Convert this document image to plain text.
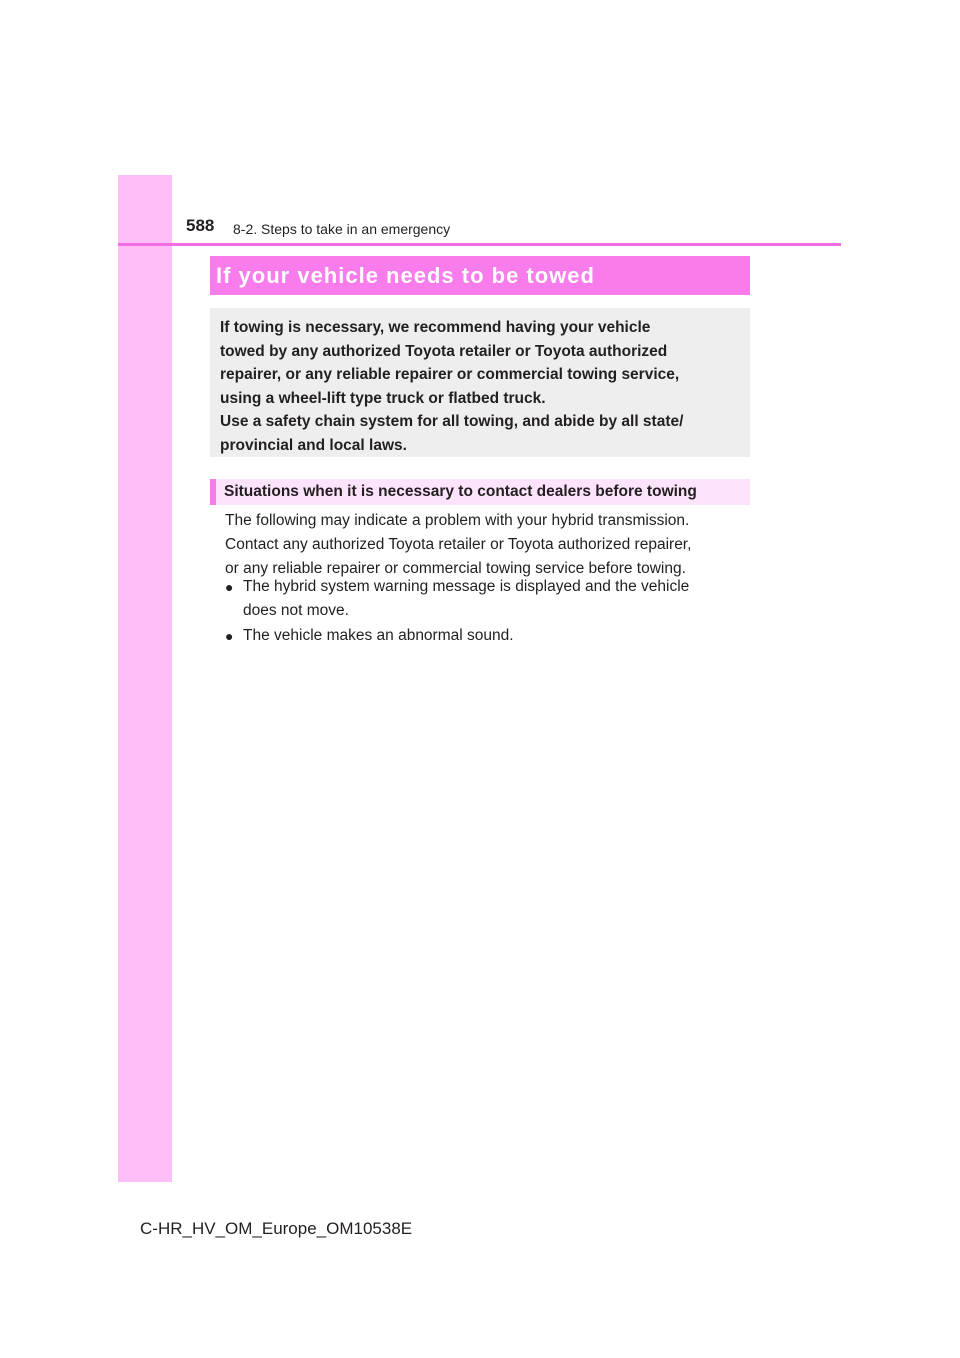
588 8-2. Steps to take in an emergency
If your vehicle needs to be towed

If towing is necessary, we recommend having your vehicle
towed by any authorized Toyota retailer or Toyota authorized
repairer, or any reliable repairer or commercial towing service,
using a wheel-lift type truck or flatbed truck.
Use a safety chain system for all towing, and abide by all state/
provincial and local laws.

Situations when it is necessary to contact dealers before towing

The following may indicate a problem with your hybrid transmission.
Contact any authorized Toyota retailer or Toyota authorized repairer,
or any reliable repairer or commercial towing service before towing.

● The hybrid system warning message is displayed and the vehicle
does not move.
● The vehicle makes an abnormal sound.
C-HR_HV_OM_Europe_OM10538E
